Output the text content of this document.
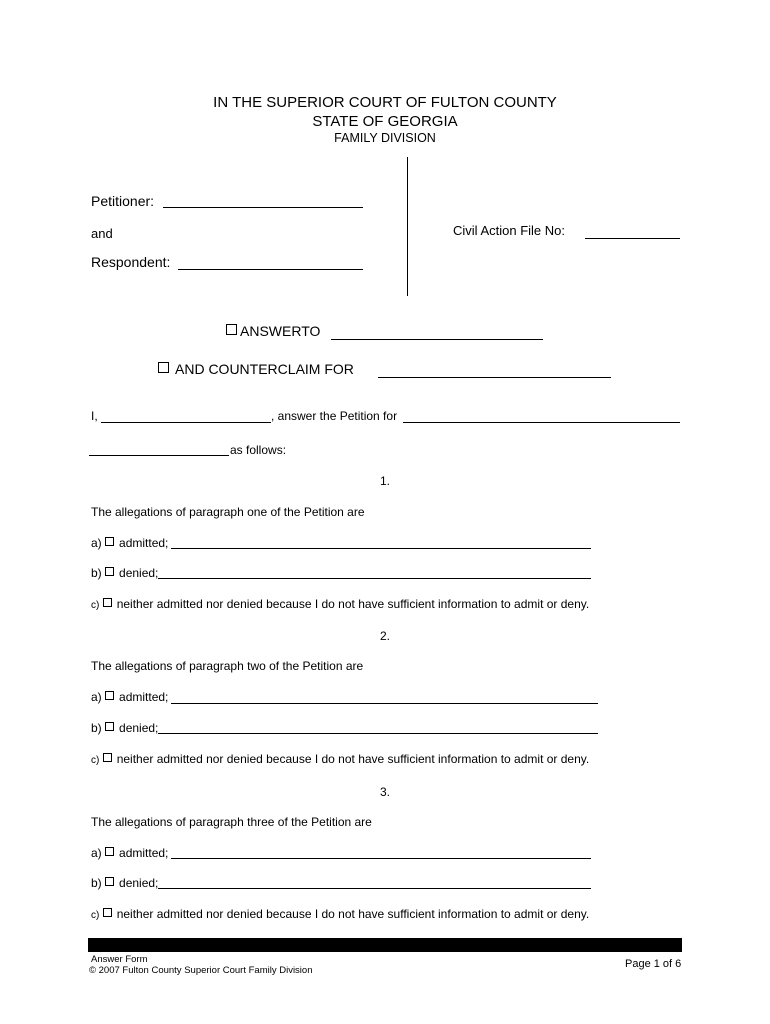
IN THE SUPERIOR COURT OF FULTON COUNTY
STATE OF GEORGIA
FAMILY DIVISION
Petitioner:
and
Respondent:
Civil Action File No:
ANSWERTO
AND COUNTERCLAIM FOR
I,	, answer the Petition for
as follows:
1.
The allegations of paragraph one of the Petition are
a) admitted;
b) denied;
c) neither admitted nor denied because I do not have sufficient information to admit or deny.
2.
The allegations of paragraph two of the Petition are
a) admitted;
b) denied;
c) neither admitted nor denied because I do not have sufficient information to admit or deny.
3.
The allegations of paragraph three of the Petition are
a) admitted;
b) denied;
c) neither admitted nor denied because I do not have sufficient information to admit or deny.
Answer Form
© 2007 Fulton County Superior Court Family Division
Page 1 of 6
